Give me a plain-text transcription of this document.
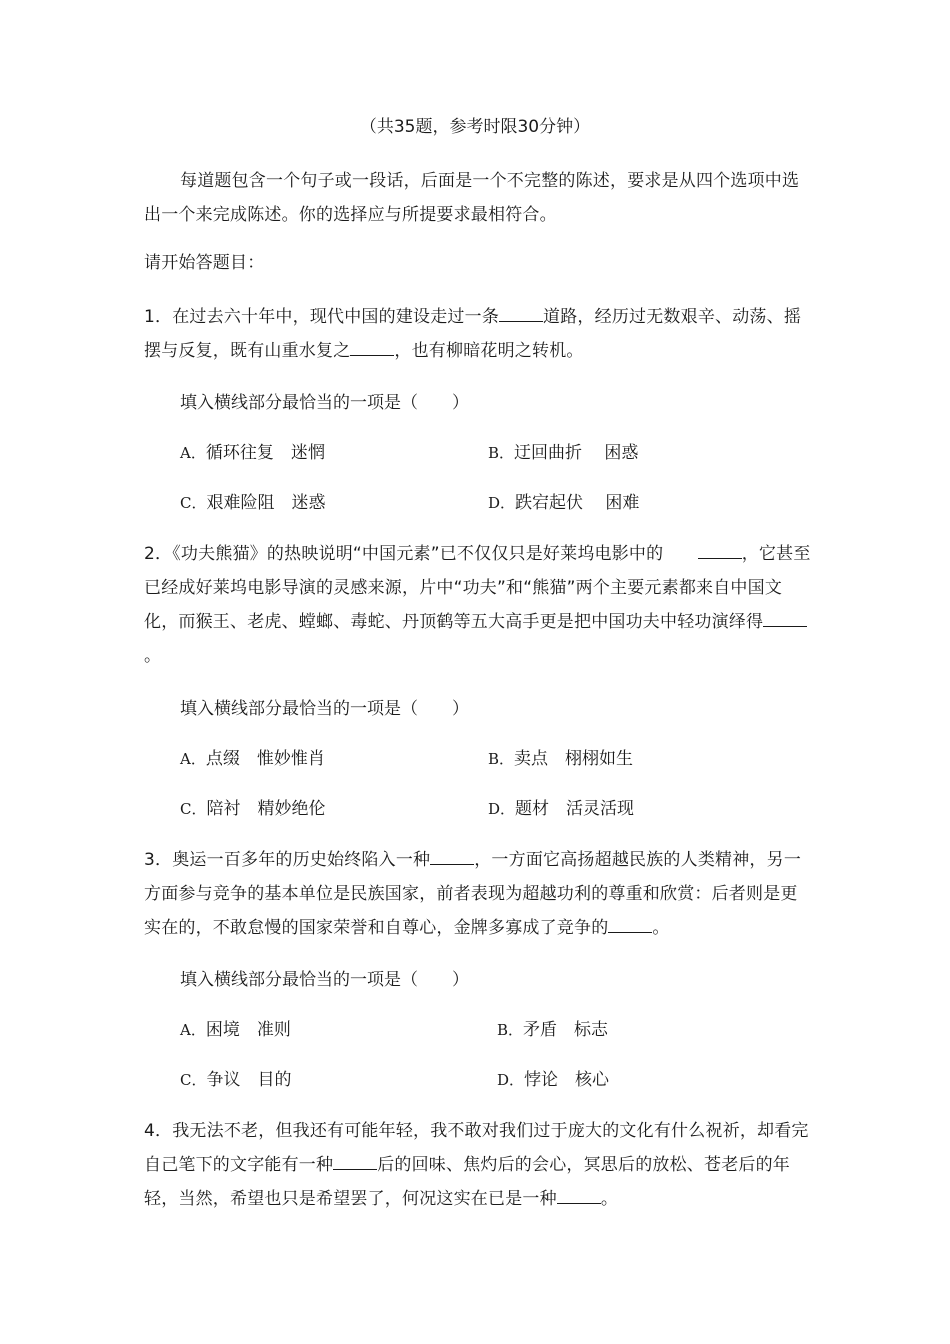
（共35题，参考时限30分钟）
每道题包含一个句子或一段话，后面是一个不完整的陈述，要求是从四个选项中选出一个来完成陈述。你的选择应与所提要求最相符合。
请开始答题目：
1．在过去六十年中，现代中国的建设走过一条	道路，经历过无数艰辛、动荡、摇摆与反复，既有山重水复之	，也有柳暗花明之转机。
填入横线部分最恰当的一项是（　　）
A．循环往复　迷惘	B．迂回曲折　 困惑
C．艰难险阻　迷惑	D．跌宕起伏　 困难
2．《功夫熊猫》的热映说明“中国元素”已不仅仅只是好莱坞电影中的　　	，它甚至已经成好莱坞电影导演的灵感来源，片中“功夫”和“熊猫”两个主要元素都来自中国文化，而猴王、老虎、螳螂、毒蛇、丹顶鹤等五大高手更是把中国功夫中轻功演绎得。
填入横线部分最恰当的一项是（　　）
A．点缀　惟妙惟肖	B．卖点　栩栩如生
C．陪衬　精妙绝伦	D．题材　活灵活现
3．奥运一百多年的历史始终陷入一种	，一方面它高扬超越民族的人类精神，另一方面参与竞争的基本单位是民族国家，前者表现为超越功利的尊重和欣赏：后者则是更实在的，不敢怠慢的国家荣誉和自尊心，金牌多寡成了竞争的	。
填入横线部分最恰当的一项是（　　）
A．困境　准则	B．矛盾　标志
C．争议　目的	D．悖论　核心
4．我无法不老，但我还有可能年轻，我不敢对我们过于庞大的文化有什么祝祈，却看完自己笔下的文字能有一种	后的回味、焦灼后的会心，冥思后的放松、苍老后的年轻，当然，希望也只是希望罢了，何况这实在已是一种	。
